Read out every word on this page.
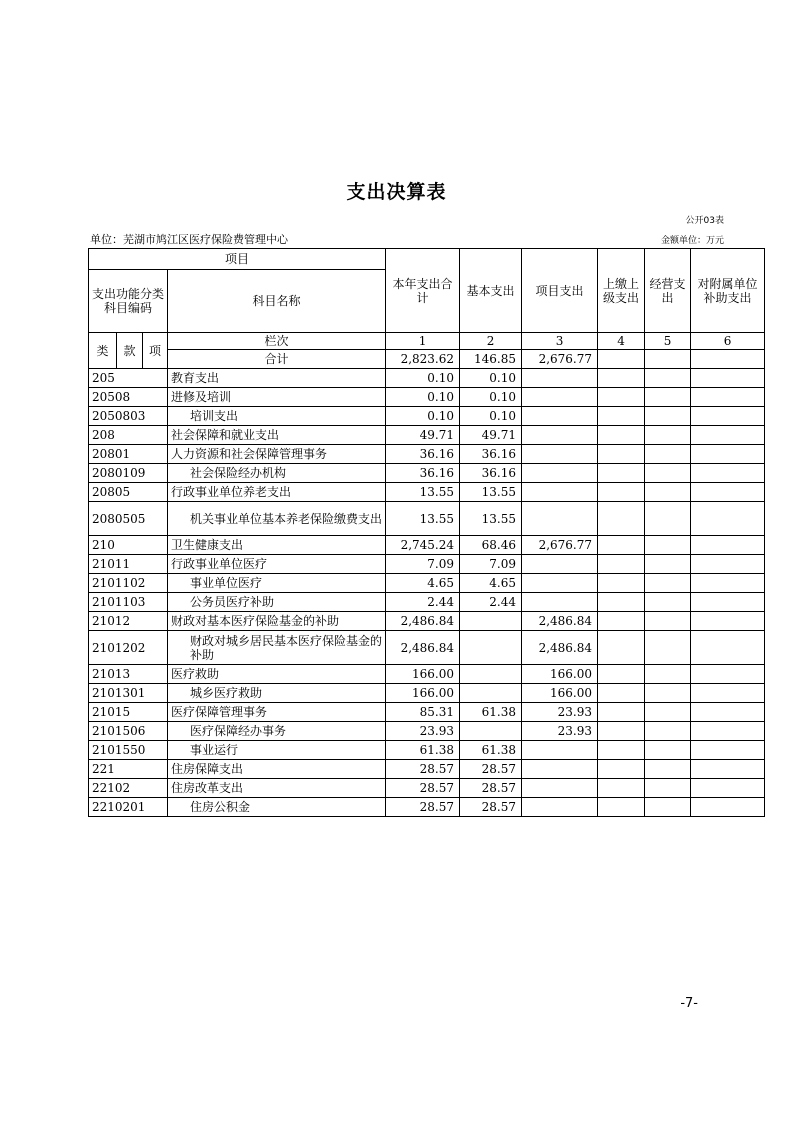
支出决算表
公开03表
单位：芜湖市鸠江区医疗保险费管理中心	金额单位：万元
项目				本年支出合计	基本支出	项目支出	上缴上级支出	经营支出	对附属单位补助支出
支出功能分类科目编码			科目名称						
类	款	项	栏次	1	2	3	4	5	6
			合计	2,823.62	146.85	2,676.77			
205			教育支出	0.10	0.10				
20508			进修及培训	0.10	0.10				
2050803			培训支出	0.10	0.10				
208			社会保障和就业支出	49.71	49.71				
20801			人力资源和社会保障管理事务	36.16	36.16				
2080109			社会保险经办机构	36.16	36.16				
20805			行政事业单位养老支出	13.55	13.55				
2080505			机关事业单位基本养老保险缴费支出	13.55	13.55				
210			卫生健康支出	2,745.24	68.46	2,676.77			
21011			行政事业单位医疗	7.09	7.09				
2101102			事业单位医疗	4.65	4.65				
2101103			公务员医疗补助	2.44	2.44				
21012			财政对基本医疗保险基金的补助	2,486.84		2,486.84			
2101202			财政对城乡居民基本医疗保险基金的补助	2,486.84		2,486.84			
21013			医疗救助	166.00		166.00			
2101301			城乡医疗救助	166.00		166.00			
21015			医疗保障管理事务	85.31	61.38	23.93			
2101506			医疗保障经办事务	23.93		23.93			
2101550			事业运行	61.38	61.38				
221			住房保障支出	28.57	28.57				
22102			住房改革支出	28.57	28.57				
2210201			住房公积金	28.57	28.57				
-7-
